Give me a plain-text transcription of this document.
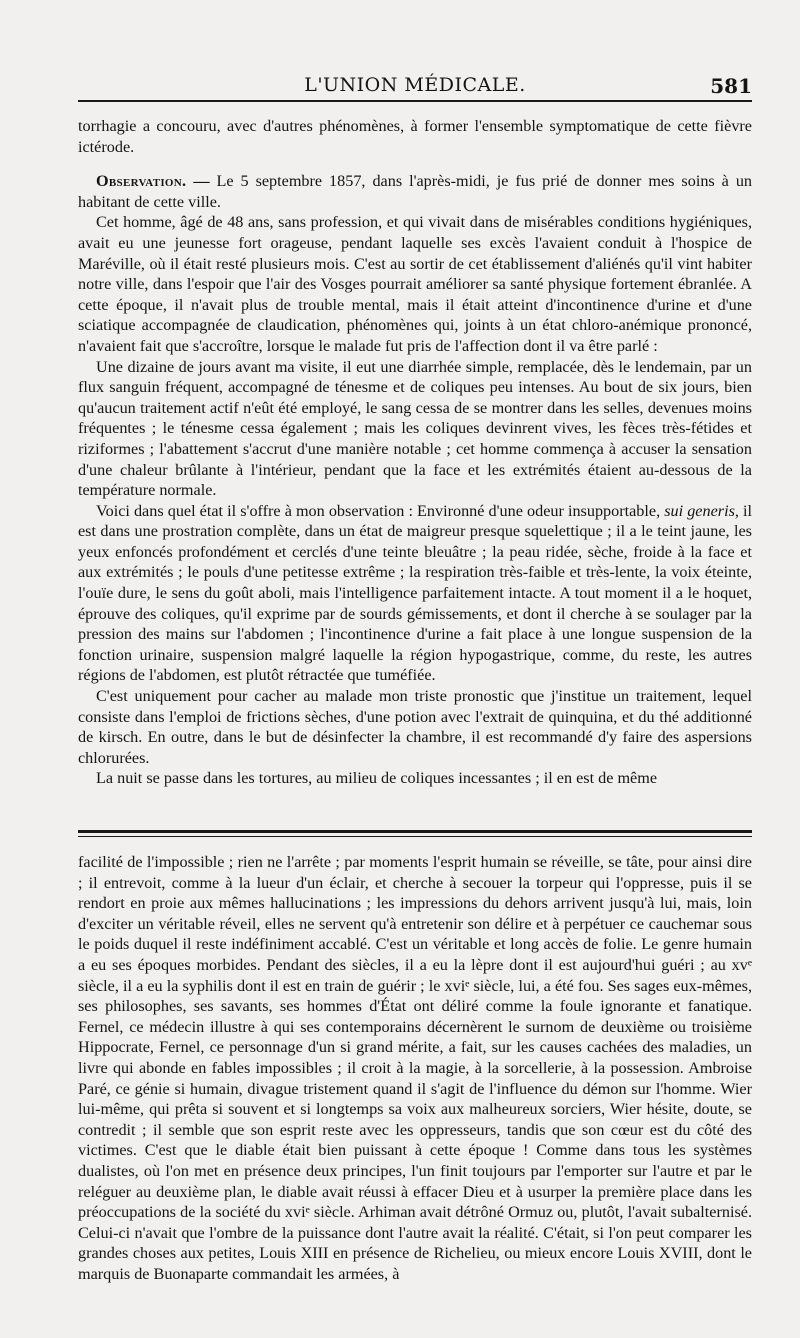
L'UNION MÉDICALE.	581

torrhagie a concouru, avec d'autres phénomènes, à former l'ensemble symptomatique de cette fièvre ictérode.

Observation. — Le 5 septembre 1857, dans l'après-midi, je fus prié de donner mes soins à un habitant de cette ville.

Cet homme, âgé de 48 ans, sans profession, et qui vivait dans de misérables conditions hygiéniques, avait eu une jeunesse fort orageuse, pendant laquelle ses excès l'avaient conduit à l'hospice de Maréville, où il était resté plusieurs mois. C'est au sortir de cet établissement d'aliénés qu'il vint habiter notre ville, dans l'espoir que l'air des Vosges pourrait améliorer sa santé physique fortement ébranlée. A cette époque, il n'avait plus de trouble mental, mais il était atteint d'incontinence d'urine et d'une sciatique accompagnée de claudication, phénomènes qui, joints à un état chloro-anémique prononcé, n'avaient fait que s'accroître, lorsque le malade fut pris de l'affection dont il va être parlé :

Une dizaine de jours avant ma visite, il eut une diarrhée simple, remplacée, dès le lendemain, par un flux sanguin fréquent, accompagné de ténesme et de coliques peu intenses. Au bout de six jours, bien qu'aucun traitement actif n'eût été employé, le sang cessa de se montrer dans les selles, devenues moins fréquentes ; le ténesme cessa également ; mais les coliques devinrent vives, les fèces très-fétides et riziformes ; l'abattement s'accrut d'une manière notable ; cet homme commença à accuser la sensation d'une chaleur brûlante à l'intérieur, pendant que la face et les extrémités étaient au-dessous de la température normale.

Voici dans quel état il s'offre à mon observation : Environné d'une odeur insupportable, sui generis, il est dans une prostration complète, dans un état de maigreur presque squelettique ; il a le teint jaune, les yeux enfoncés profondément et cerclés d'une teinte bleuâtre ; la peau ridée, sèche, froide à la face et aux extrémités ; le pouls d'une petitesse extrême ; la respiration très-faible et très-lente, la voix éteinte, l'ouïe dure, le sens du goût aboli, mais l'intelligence parfaitement intacte. A tout moment il a le hoquet, éprouve des coliques, qu'il exprime par de sourds gémissements, et dont il cherche à se soulager par la pression des mains sur l'abdomen ; l'incontinence d'urine a fait place à une longue suspension de la fonction urinaire, suspension malgré laquelle la région hypogastrique, comme, du reste, les autres régions de l'abdomen, est plutôt rétractée que tuméfiée.

C'est uniquement pour cacher au malade mon triste pronostic que j'institue un traitement, lequel consiste dans l'emploi de frictions sèches, d'une potion avec l'extrait de quinquina, et du thé additionné de kirsch. En outre, dans le but de désinfecter la chambre, il est recommandé d'y faire des aspersions chlorurées.

La nuit se passe dans les tortures, au milieu de coliques incessantes ; il en est de même

facilité de l'impossible ; rien ne l'arrête ; par moments l'esprit humain se réveille, se tâte, pour ainsi dire ; il entrevoit, comme à la lueur d'un éclair, et cherche à secouer la torpeur qui l'oppresse, puis il se rendort en proie aux mêmes hallucinations ; les impressions du dehors arrivent jusqu'à lui, mais, loin d'exciter un véritable réveil, elles ne servent qu'à entretenir son délire et à perpétuer ce cauchemar sous le poids duquel il reste indéfiniment accablé. C'est un véritable et long accès de folie. Le genre humain a eu ses époques morbides. Pendant des siècles, il a eu la lèpre dont il est aujourd'hui guéri ; au xvᵉ siècle, il a eu la syphilis dont il est en train de guérir ; le xviᵉ siècle, lui, a été fou. Ses sages eux-mêmes, ses philosophes, ses savants, ses hommes d'État ont déliré comme la foule ignorante et fanatique. Fernel, ce médecin illustre à qui ses contemporains décernèrent le surnom de deuxième ou troisième Hippocrate, Fernel, ce personnage d'un si grand mérite, a fait, sur les causes cachées des maladies, un livre qui abonde en fables impossibles ; il croit à la magie, à la sorcellerie, à la possession. Ambroise Paré, ce génie si humain, divague tristement quand il s'agit de l'influence du démon sur l'homme. Wier lui-même, qui prêta si souvent et si longtemps sa voix aux malheureux sorciers, Wier hésite, doute, se contredit ; il semble que son esprit reste avec les oppresseurs, tandis que son cœur est du côté des victimes. C'est que le diable était bien puissant à cette époque ! Comme dans tous les systèmes dualistes, où l'on met en présence deux principes, l'un finit toujours par l'emporter sur l'autre et par le reléguer au deuxième plan, le diable avait réussi à effacer Dieu et à usurper la première place dans les préoccupations de la société du xviᵉ siècle. Arhiman avait détrôné Ormuz ou, plutôt, l'avait subalternisé. Celui-ci n'avait que l'ombre de la puissance dont l'autre avait la réalité. C'était, si l'on peut comparer les grandes choses aux petites, Louis XIII en présence de Richelieu, ou mieux encore Louis XVIII, dont le marquis de Buonaparte commandait les armées, à
